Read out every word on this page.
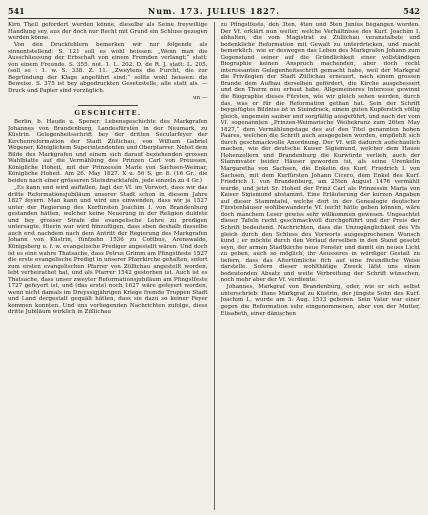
541	Num. 173. JULIUS 1827.	542

Kirn Theil gefordert werden könne, dieselbe als Seine freywillige Handlung sey, aus der doch nur Recht mit Grund ein Schluss gezogen werden könne.

Von den Druckfehlern bemerken wir nur folgende als sinnentstellend: S. 121 soll es wohl heissen: „Wenn man die Ausschliessung der Erbschaft von einem Fremden verlangt;“ statt: von einem Freunde. S. 355. not. 1. L. 202. D. de R. J. statt: L. 205. (soll so : 1. w. S. 338. Z. 11. „Zweytens die Furcht, die zur Begründung der Klage angeführt sind;“ sollte wohl heissen: die Beweise. S. 375 ist bey abgedruckten Gesetzstelle, alle statt als. — Druck und Papier sind vorzüglich.

un —

GESCHICHTE.

Berlin, b. Haude u. Spener: Lebensgeschichte des Markgrafen Johannes von Brandenburg, Landesfürsten in der Neumark, zu Küstrin. Gelegenheitsschrift bey der dritten Secularfeyer der Kirchenreformation der Stadt Züllichau, von William Gabriel Wegener, Königlichem Superintendenten und Oberpfarrer. Nebst dem Bilde des Markgrafen und einem sich darauf beziehenden grossen Wahlblatte auf die Vermählung des Prinzen Carl von Preussen, Königliche Hoheit, mit der Prinzessin Marie von Sachsen-Weimar, Königliche Hoheit. Am 26. May 1827. X u. 56 S. gr. 8. (16 Gr., die beiden nach einer grösseren Steindrucktafeln, jede einzeln zu 4 Gr.)

„Es kann und wird auffallen, fagt der Vf. im Vorwort, dass wir das dritte Reformationsjubiläum unserer Stadt schon in diesem Jahre 1827 feyern. Man kann und wird uns einwenden, dass wir ja 1527 unter der Regierung des Kurfürsten Joachim I. von Brandenburg gestanden hätten, welcher keine Neuerung in der Religion duldete und bey grosser Strafe die evangelische Lehre zu predigen untersagte. Hierin war wird hinzufügen, dass eben deshalb dasselbe auch erst nachdem nach dem Antritt der Regierung des Markgrafen Johann von Küstrin, fünfzehn 1536 zu Cottbus, Arenswalde, Königsberg u. f. w. evangelische Prediger angestellt wären. Und doch ist es eine wahre Thatsache, dass Petrus Grimm am Pfingstfeste 1527 die erste evangelische Predigt in unserer Pfarrkirche gehalten, sofort zum ersten evangelischen Pfarrer von Züllichau angestellt worden, lebt verheirathet hat, und als Pfarrer 1542 gestorben ist. Auch ist es Thatsache, dass unser zweyter Reformationsjubiläum am Pfingstfeste 1727 gefeyert ist, und (das erste) noch 1627 wäre gefeyert worden, wenn nicht damals im Dreyssigjährigen Kriege fremde Truppen Stadt und Land dergestalt gequält hätten, dass sie dazu so keiner Feyer kommen konnten. Und uns vorliegenden Nachrichten zufolge, diess dritte Jubiläum wirklich in Züllichau

zu Pfingstfeste, den 3ten, 4ten und 5ten Junius begangen worden. Der Vf. erklärt nun weiter, welche Verhältnisse des Kurf. Joachim I. abhalten, die vom Magistrat zu Züllichau veranstaltete und bedenkliche Reformation mit Gewalt zu unterdrücken, und macht bemerklich, wie er deswegen das Leben des Markgrafen Johann zum Gegenstand seiner auf die Gründlichkeit einer vollständigen Biographie keinen Anspruch machenden, aber doch recht interessanten Gelegenheitsschrift gemacht habe, weil der Markgraf die Privilegien der Stadt Züllichau erneuert, nach einem grossen Brande dem Aufbau derselben gefördert, die Kirche ausgebessert und den Thurm neu erbaut habe. Allgemeineres Interesse gewinnt die Biographie dieses Fürsten, wie wir gleich sehen werden, durch das, was er für die Reformation gethan hat. Sein der Schrift beygefügtes Bildniss ist in Steindruck, einem guten Kupferstich völlig gleich, ungemein sauber und sorgfältig ausgeführt, und nach der vom Vf. sogenannten „Prinzen-Weimarische Weihekranz zum 26ten May 1827,“ dem Vermählungstage des auf den Titel genannten hohen Paares, welchen die Schrift auch ausgegeben worden, empfiehlt sich durch geschmackvolle Anordnung. Der Vf. will dadurch aufschaulich machen, wie der deutsche Kaiser Sigismund, welcher dem Hause Hohenzollern und Brandenburg die Kurwürde verlieh, auch der Stammvater beider Häuser geworden ist, als seine Urenkelin Margaretha von Sachsen, die Enkelin des Kurf. Friedrich I. von Sachsen, mit dem Kurfürsten Johann Cicero, dem Enkel des Kurf. Friedrich I. von Brandenburg, am 25ten August 1476 vermählt wurde, und jetzt Sr. Hoheit der Prinz Carl als Prinzessin Maria von Kaiser Sigismund abstammt. Eine Erläuterung der kurzen Angaben auf dieser Stammtafel, welche dort in der Genealogie deutscher Fürstenhäuser wohlbewanderte Vf. leicht hätte geben können, wäre doch manchem Leser gewiss sehr willkommen gewesen. Ungeachtet dieser Tafeln recht geschmackvoll durchgeführt und der Preis der Schrift bedeutend. Nachrichten, dass die Unzugänglichkeit des Vfs gleich durch den Schluss des Vorworts ausgesprochenen Wunsch kund ; er möchte durch den Verlauf derselben in den Stand gesetzt seyn, der armen Stadtkirche neue Fenster und damit ein neues Licht zu geben, auch so möglich, ihr Aeusseres in würdiger Gestalt zu liefern, dass das Altertümliche fich auf eine freundliche Weise darstelle. Sofern dieser wohlthätige Zweck läfst uns einen bedeutenden Absatz und weite Verbreitung der Schrift wünschen, noch mehr aber der Vf. verdiente.

Johannes, Markgraf von Brandenburg, oder, wie er sich selbst unterschrieb: Hans Markgraf zu Küstrin, der jüngste Sohn des Kurf. Joachim I., wurde am 3. Aug. 1513 geboren. Sein Vater war einer gegen die Reformation sehr eingenommenen, aber von der Mutter, Elisabeth, einer dänischen
